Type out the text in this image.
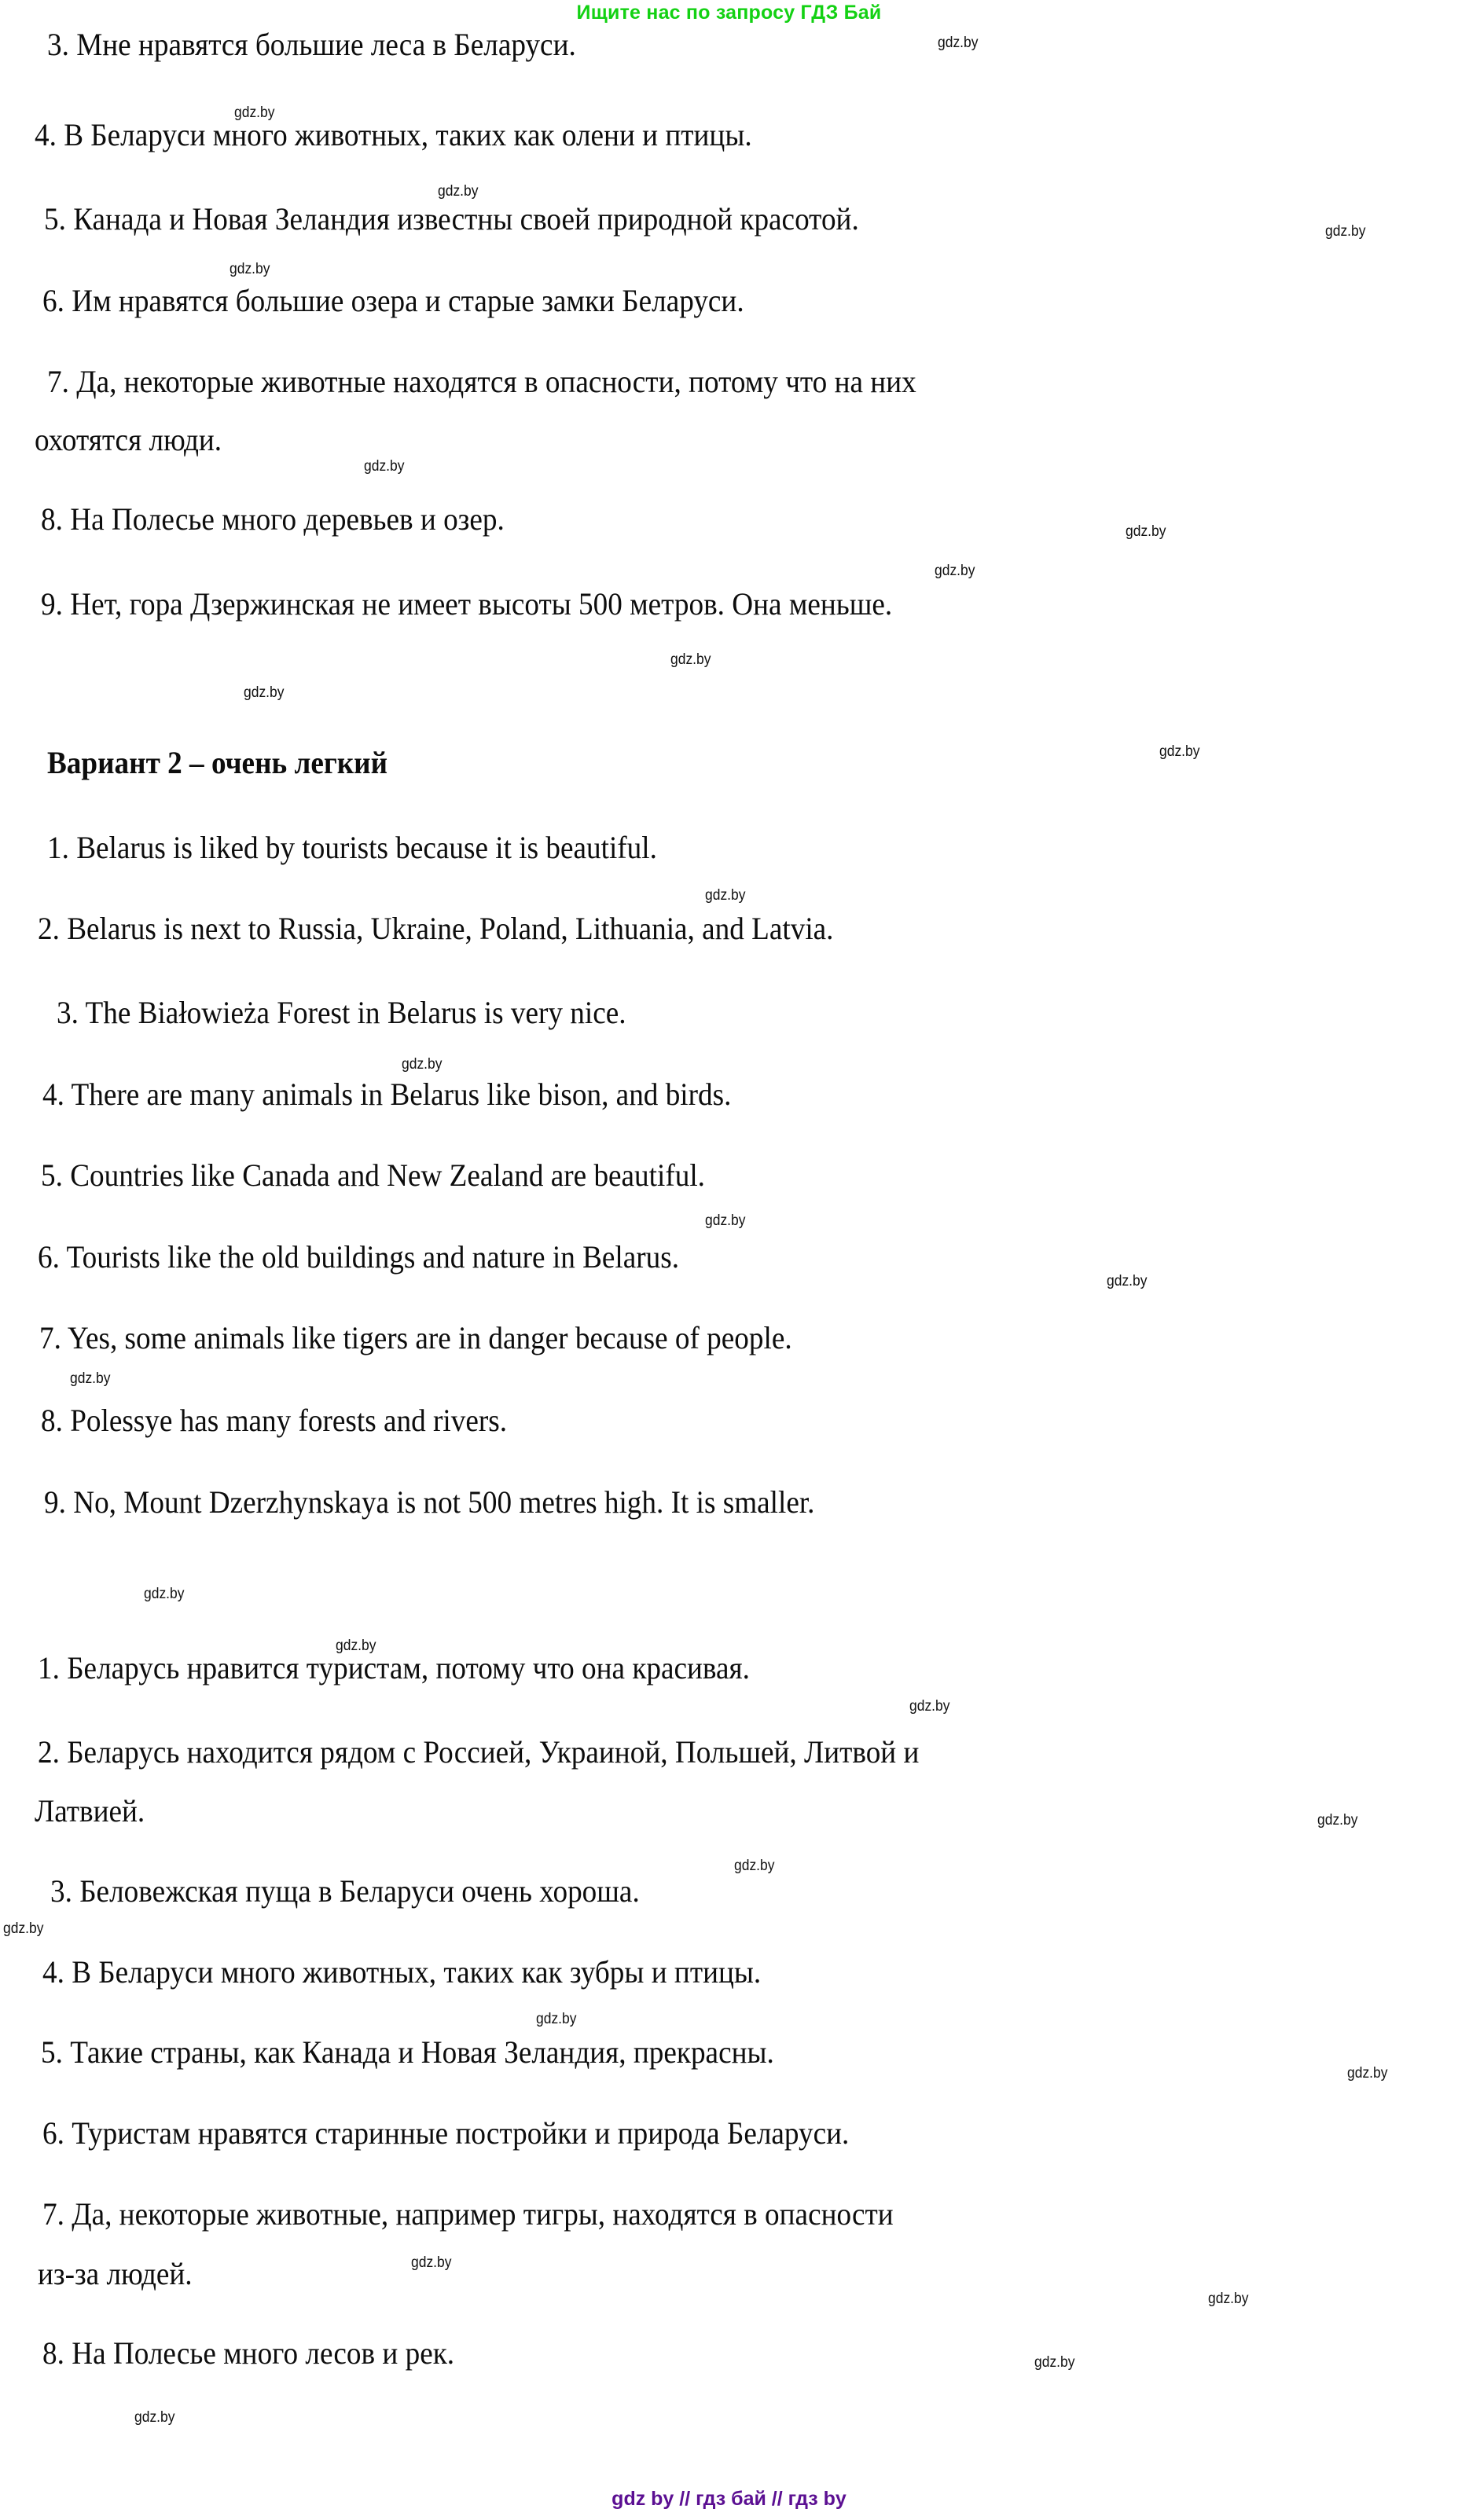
Ищите нас по запросу ГДЗ Бай
3. Мне нравятся большие леса в Беларуси.
4. В Беларуси много животных, таких как олени и птицы.
5. Канада и Новая Зеландия известны своей природной красотой.
6. Им нравятся большие озера и старые замки Беларуси.
7. Да, некоторые животные находятся в опасности, потому что на них
охотятся люди.
8. На Полесье много деревьев и озер.
9. Нет, гора Дзержинская не имеет высоты 500 метров. Она меньше.
Вариант 2 – очень легкий
1. Belarus is liked by tourists because it is beautiful.
2. Belarus is next to Russia, Ukraine, Poland, Lithuania, and Latvia.
3. The Białowieża Forest in Belarus is very nice.
4. There are many animals in Belarus like bison, and birds.
5. Countries like Canada and New Zealand are beautiful.
6. Tourists like the old buildings and nature in Belarus.
7. Yes, some animals like tigers are in danger because of people.
8. Polessye has many forests and rivers.
9. No, Mount Dzerzhynskaya is not 500 metres high. It is smaller.
1. Беларусь нравится туристам, потому что она красивая.
2. Беларусь находится рядом с Россией, Украиной, Польшей, Литвой и
Латвией.
3. Беловежская пуща в Беларуси очень хороша.
4. В Беларуси много животных, таких как зубры и птицы.
5. Такие страны, как Канада и Новая Зеландия, прекрасны.
6. Туристам нравятся старинные постройки и природа Беларуси.
7. Да, некоторые животные, например тигры, находятся в опасности
из-за людей.
8. На Полесье много лесов и рек.
gdz.by
gdz.by
gdz.by
gdz.by
gdz.by
gdz.by
gdz.by
gdz.by
gdz.by
gdz.by
gdz.by
gdz.by
gdz.by
gdz.by
gdz.by
gdz.by
gdz.by
gdz.by
gdz.by
gdz.by
gdz.by
gdz.by
gdz.by
gdz.by
gdz.by
gdz.by
gdz.by
gdz.by
gdz by // гдз бай // гдз by
